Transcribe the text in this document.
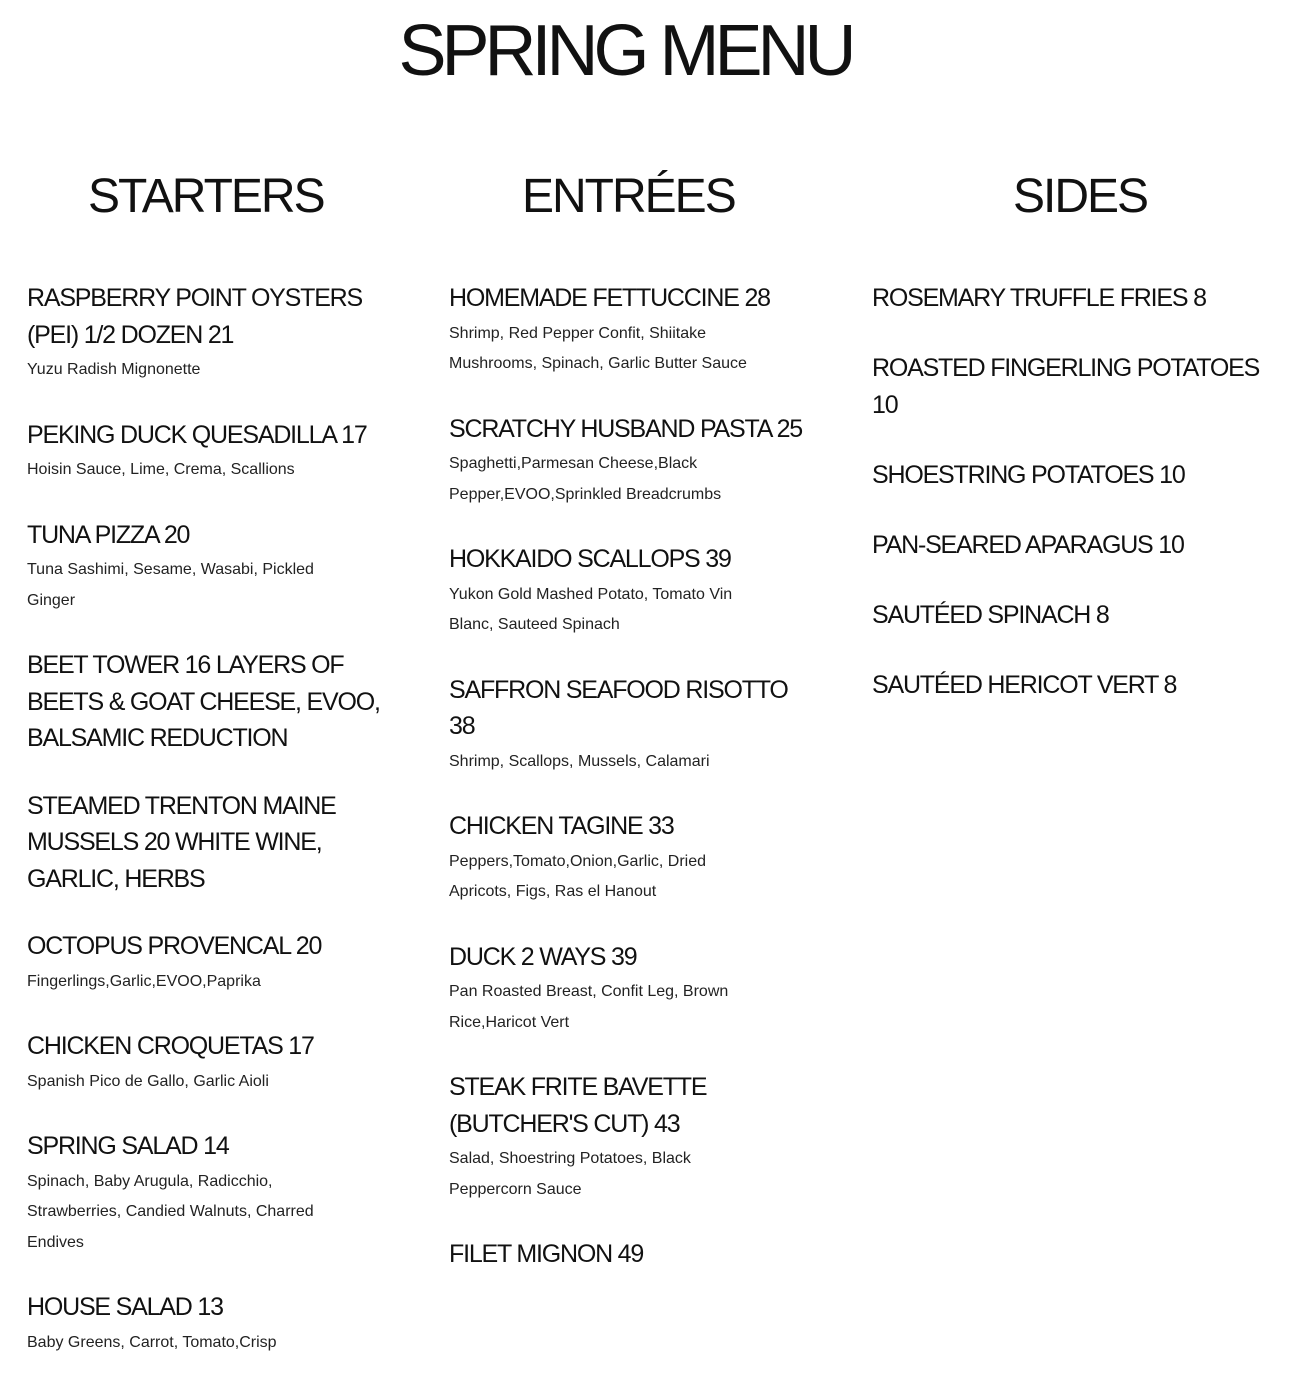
SPRING MENU
STARTERS
RASPBERRY POINT OYSTERS (PEI) 1/2 DOZEN 21

Yuzu Radish Mignonette

PEKING DUCK QUESADILLA 17

Hoisin Sauce, Lime, Crema, Scallions

TUNA PIZZA 20

Tuna Sashimi, Sesame, Wasabi, Pickled Ginger

BEET TOWER 16 LAYERS OF BEETS & GOAT CHEESE, EVOO, BALSAMIC REDUCTION
STEAMED TRENTON MAINE MUSSELS 20 WHITE WINE, GARLIC, HERBS
OCTOPUS PROVENCAL 20

Fingerlings,Garlic,EVOO,Paprika

CHICKEN CROQUETAS 17

Spanish Pico de Gallo, Garlic Aioli

SPRING SALAD 14

Spinach, Baby Arugula, Radicchio, Strawberries, Candied Walnuts, Charred Endives

HOUSE SALAD 13

Baby Greens, Carrot, Tomato,Crisp

ENTRÉES
HOMEMADE FETTUCCINE 28

Shrimp, Red Pepper Confit, Shiitake Mushrooms, Spinach, Garlic Butter Sauce

SCRATCHY HUSBAND PASTA 25

Spaghetti,Parmesan Cheese,Black Pepper,EVOO,Sprinkled Breadcrumbs

HOKKAIDO SCALLOPS 39

Yukon Gold Mashed Potato, Tomato Vin Blanc, Sauteed Spinach

SAFFRON SEAFOOD RISOTTO 38

Shrimp, Scallops, Mussels, Calamari

CHICKEN TAGINE 33

Peppers,Tomato,Onion,Garlic, Dried Apricots, Figs, Ras el Hanout

DUCK 2 WAYS 39

Pan Roasted Breast, Confit Leg, Brown Rice,Haricot Vert

STEAK FRITE BAVETTE (BUTCHER'S CUT) 43

Salad, Shoestring Potatoes, Black Peppercorn Sauce

FILET MIGNON 49
SIDES
ROSEMARY TRUFFLE FRIES 8
ROASTED FINGERLING POTATOES 10
SHOESTRING POTATOES 10
PAN-SEARED APARAGUS 10
SAUTÉED SPINACH 8
SAUTÉED HERICOT VERT 8
